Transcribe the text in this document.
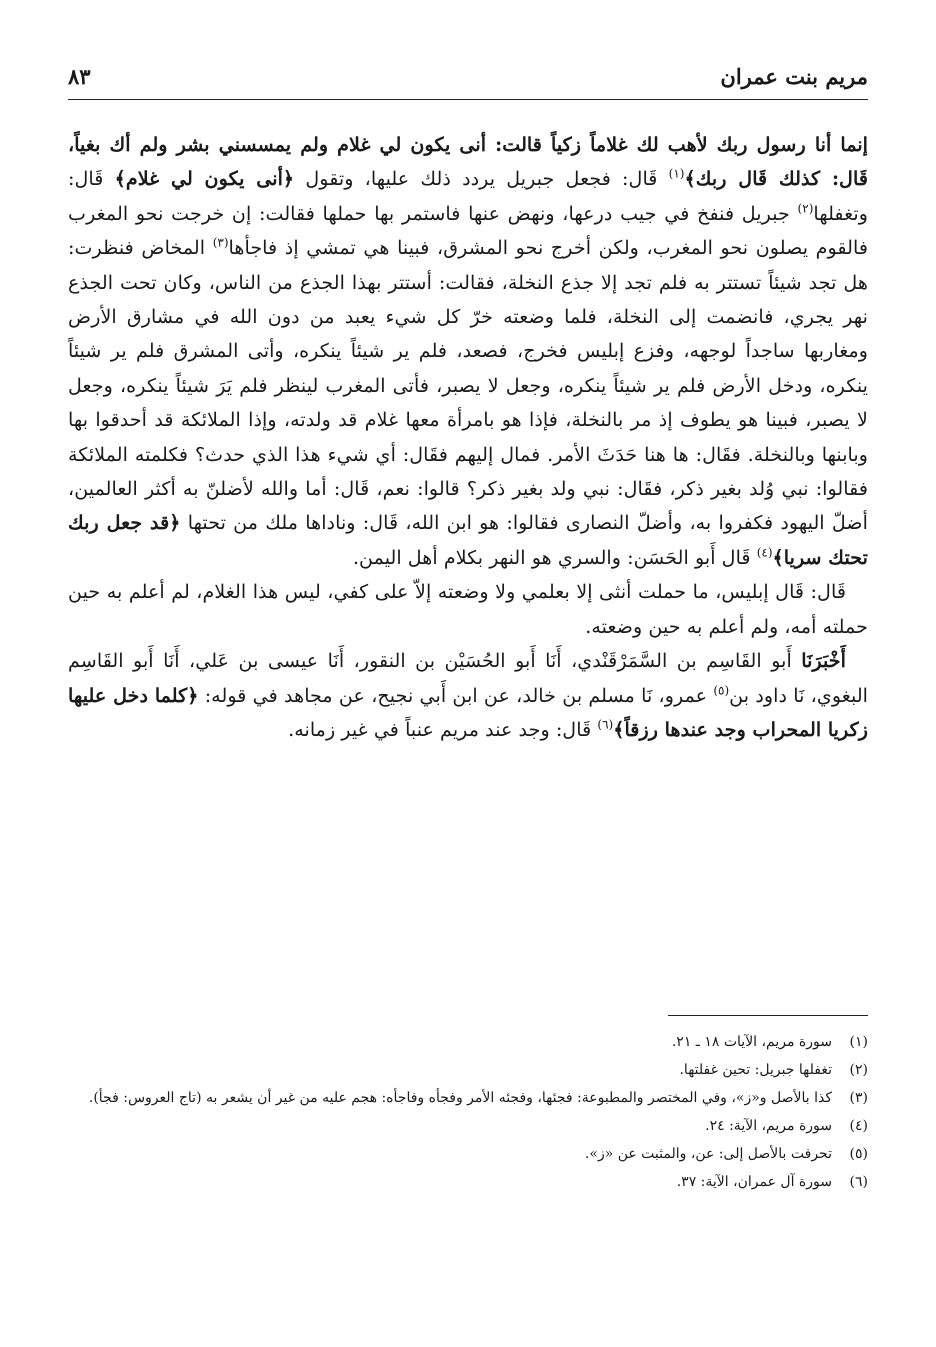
مريم بنت عمران
٨٣

إنما أنا رسول ربك لأهب لك غلاماً زكياً قالت: أنى يكون لي غلام ولم يمسسني بشر ولم أك بغياً، قَال: كذلك قَال ربك﴾$^{(١)}$ قَال: فجعل جبريل يردد ذلك عليها، وتقول ﴿أنى يكون لي غلام﴾ قَال: وتغفلها$^{(٢)}$ جبريل فنفخ في جيب درعها، ونهض عنها فاستمر بها حملها فقالت: إن خرجت نحو المغرب فالقوم يصلون نحو المغرب، ولكن أخرج نحو المشرق، فبينا هي تمشي إذ فاجأها$^{(٣)}$ المخاض فنظرت: هل تجد شيئاً تستتر به فلم تجد إلا جذع النخلة، فقالت: أستتر بهذا الجذع من الناس، وكان تحت الجذع نهر يجري، فانضمت إلى النخلة، فلما وضعته خرّ كل شيء يعبد من دون الله في مشارق الأرض ومغاربها ساجداً لوجهه، وفزع إبليس فخرج، فصعد، فلم ير شيئاً ينكره، وأتى المشرق فلم ير شيئاً ينكره، ودخل الأرض فلم ير شيئاً ينكره، وجعل لا يصبر، فأتى المغرب لينظر فلم يَرَ شيئاً ينكره، وجعل لا يصبر، فبينا هو يطوف إذ مر بالنخلة، فإذا هو بامرأة معها غلام قد ولدته، وإذا الملائكة قد أحدقوا بها وبابنها وبالنخلة. فقَال: ها هنا حَدَثَ الأمر. فمال إليهم فقَال: أي شيء هذا الذي حدث؟ فكلمته الملائكة فقالوا: نبي وُلد بغير ذكر، فقَال: نبي ولد بغير ذكر؟ قالوا: نعم، قَال: أما والله لأضلنّ به أكثر العالمين، أضلّ اليهود فكفروا به، وأضلّ النصارى فقالوا: هو ابن الله، قَال: وناداها ملك من تحتها ﴿قد جعل ربك تحتك سريا﴾$^{(٤)}$ قَال أَبو الحَسَن: والسري هو النهر بكلام أهل اليمن.

قَال: قَال إبليس، ما حملت أنثى إلا بعلمي ولا وضعته إلاّ على كفي، ليس هذا الغلام، لم أعلم به حين حملته أمه، ولم أعلم به حين وضعته.

أَخْبَرَنَا أَبو القَاسِم بن السَّمَرْقَنْدي، أَنَا أَبو الحُسَيْن بن النقور، أَنَا عيسى بن عَلي، أَنَا أَبو القَاسِم البغوي، نَا داود بن$^{(٥)}$ عمرو، نَا مسلم بن خالد، عن ابن أَبي نجيح، عن مجاهد في قوله: ﴿كلما دخل عليها زكريا المحراب وجد عندها رزقاً﴾$^{(٦)}$ قَال: وجد عند مريم عنباً في غير زمانه.

(١)
سورة مريم، الآيات ١٨ ـ ٢١.
(٢)
تغفلها جبريل: تحين غفلتها.
(٣)
كذا بالأصل و«ز»، وفي المختصر والمطبوعة: فجئها، وفجئه الأمر وفجأه وفاجأه: هجم عليه من غير أن يشعر به (تاج العروس: فجأ).
(٤)
سورة مريم، الآية: ٢٤.
(٥)
تحرفت بالأصل إلى: عن، والمثبت عن «ز».
(٦)
سورة آل عمران، الآية: ٣٧.
